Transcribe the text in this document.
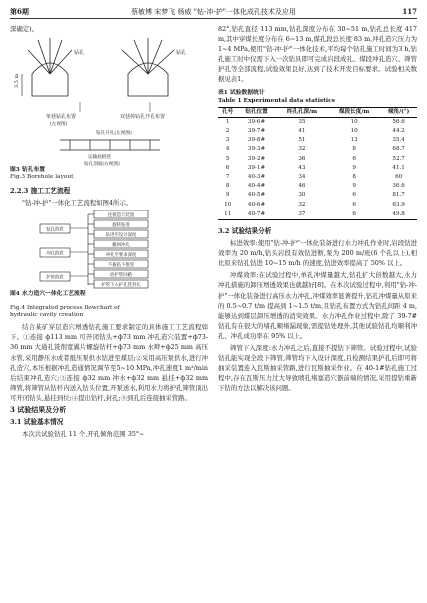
第6期	蔡敏博 宋梦飞 杨威 "钻-冲-护"一体化成孔技术及应用	117

深确定)。

3.5 m
钻孔	钻孔
单巷钻孔布置	双巷掉钻孔开孔布置
(左视图)
钻孔开孔(左视图)
运输底板巷
钻孔剖面(右视图)

图3 钻孔布置

Fig.3 Borehole layout

2.2.3 施工工艺流程

"钻-冲-护"一体化工艺流程如图4所示。

钻孔阶段
冲孔阶段
护管阶段
连接造穴装置
旋转钻进
钻进至设计深度
撤回冲孔
冲孔至要求深度
不拔钻下推管
放护管回路
护管下入护孔管封孔

图4 水力造穴一体化工艺流程

Fig.4 Integrated process flowchart of

hydraulic cavity creation

结合某矿穿层造穴增透钻孔施工要求制定的具体施工工艺流程如下。①连接 ф113 mm 可开闭钻头+ф73 mm 冲孔造穴装置+ф73-36 mm 大通孔铣削宽翼片螺旋钻杆+ф73 mm 水辫+ф25 mm 高压水管,采用静压水或者抵压泵供水钻进至煤层;②采用高压泵供水,进行冲孔造穴,本压根据冲孔造通情况调节至5~10 MPa,冲孔速度1 m³/min 后结束冲孔造穴;③连接 ф32 mm 冲水+ф32 mm 悬挂+ф32 mm 筛管,将筛管从钻杆内送入钻头位置,开泵送水,利用水力将护孔筛管顶出可开闭钻头,悬挂到位;④提出钻杆,封孔;⑤到孔后连接抽采管路。

3 试验结果及分析

3.1 试验基本情况

本次共试验钻孔 11 个,开孔倾角范围 35°~

82°,钻孔直径 113 mm,钻孔深度分布在 30~51 m,钻孔总长度 417 m,其中穿煤长度分布在 6~13 m,煤孔段总长度 83 m,冲孔造穴压力为 1~4 MPa,使用"钻-冲-护"一体化技术,平均每个钻孔施工时间为3 h,钻孔施工时中仅需下入一次钻具即可完成岩段成孔、煤段冲孔造穴、筛管护孔等全部流程,试验效果良好,达到了技术开发目标要求。试验相关数据见表1。

表1 试验数据统计

Table 1 Experimental data statistics

孔号	钻孔位置	终孔孔深/m	煤段长度/m	倾角/(°)
1	39-6#	35	10	56.6
2	39-7#	41	10	44.2
3	39-8#	51	13	35.4
4	39-3#	32	8	68.7
5	39-2#	36	6	52.7
6	39-1#	43	9	41.1
7	40-3#	34	8	60
8	40-4#	46	9	36.6
9	40-5#	30	6	81.7
10	40-6#	32	6	63.9
11	40-7#	37	6	49.8

3.2 试验结果分析

标进效率:使用"钻-冲-护"一体化装备进行水力冲孔作业时,岩段钻进效率为 20 m/h,钻头岩段有效钻进断,泵为 200 m/班(6 个孔以上),相比原来钻孔钻进 10~15 m/h 的速度,钻进效率提高了 50% 以上。

冲煤效率:在试验过程中,单孔冲煤量越大,钻孔扩大倍数越大,水力冲孔措施的卸压增透效果也就越好[8]。在本次试验过程中,利用"钻-冲-护"一体化装备进行高压水力冲孔,冲煤效率显著提升,钻孔冲煤量从原来的 0.5~0.7 t/m 提高到 1~1.5 t/m,且钻孔布置方式为钻孔间距 4 m,能够达到煤层卸压增透的消突效果。水力冲孔作业过程中,除了 39-7#钻孔有在很大的堵孔顺堵漏现象,需提钻处理外,其他试验钻孔均顺利冲孔、冲孔成功率在 95% 以上。

筛管下入深度:水力冲孔之后,直接不提钻下筛管。试验过程中,试验钻孔能实现全段下筛管,筛管均下入设计深度,且检测结果护孔后即可将抽采装置连入瓦斯抽采管路,进行瓦斯抽采作业。在 40-1#钻孔施工过程中,存在瓦斯压力过大导致喷孔堵塞造穴器前端的情况,采用提钻重新下钻的方法以解决该问题。
